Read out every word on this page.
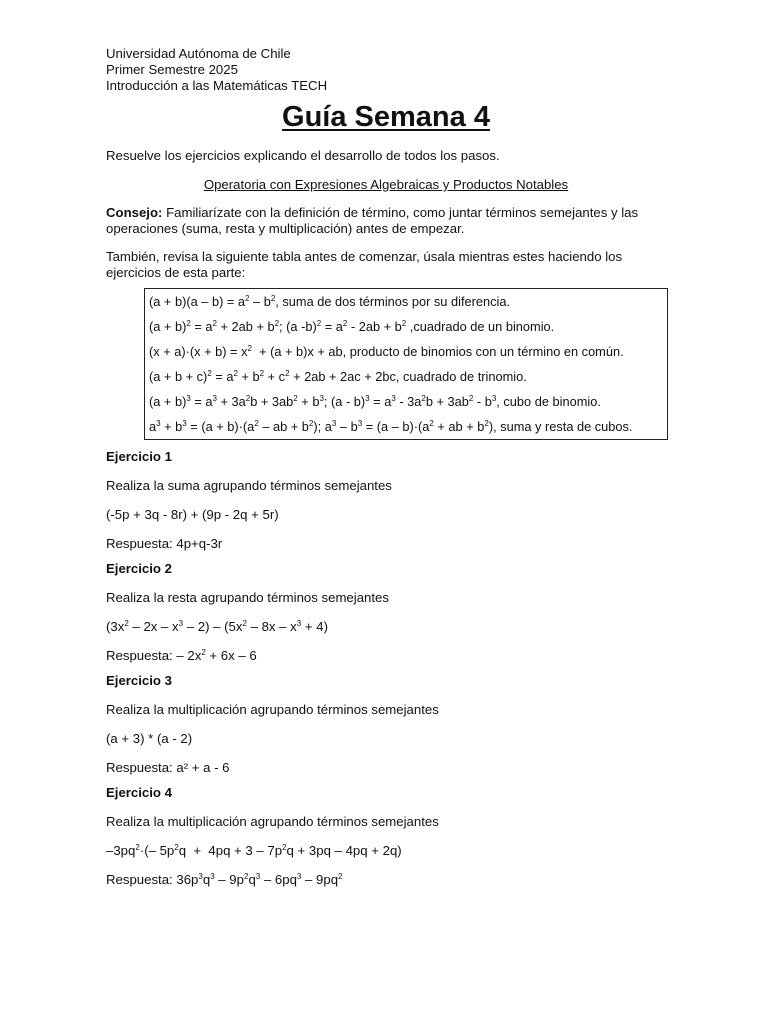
Universidad Autónoma de Chile
Primer Semestre 2025
Introducción a las Matemáticas TECH
Guía Semana 4
Resuelve los ejercicios explicando el desarrollo de todos los pasos.
Operatoria con Expresiones Algebraicas y Productos Notables
Consejo: Familiarízate con la definición de término, como juntar términos semejantes y las operaciones (suma, resta y multiplicación) antes de empezar.
También, revisa la siguiente tabla antes de comenzar, úsala mientras estes haciendo los ejercicios de esta parte:
$(a + b)(a - b) = a^2 - b^2$, suma de dos términos por su diferencia.
$(a + b)^2 = a^2 + 2ab + b^2$; (a $-b)^2 = a^2 - 2ab + b^2$ ,cuadrado de un binomio.
$(x + a)\cdot(x + b) = x^2 + (a + b)x$ + ab, producto de binomios con un término en común.
$(a + b + c)^2 = a^2 + b^2 + c^2 + 2ab + 2ac + 2bc$, cuadrado de trinomio.
$(a + b)^3 = a^3 + 3a^2b + 3ab^2 + b^3$; $(a - b)^3 = a^3 - 3a^2b + 3ab^2 - b^3$, cubo de binomio.
$a^3 + b^3 = (a + b)\cdot(a^2$ – ab + $b^2$); $a^3 - b^3 = (a - b)\cdot(a^2$ + ab + $b^2$), suma y resta de cubos.
Ejercicio 1
Realiza la suma agrupando términos semejantes
(-5p + 3q - 8r) + (9p - 2q + 5r)
Respuesta: 4p+q-3r
Ejercicio 2
Realiza la resta agrupando términos semejantes
$(3x^2 - 2x - x^3 - 2) - (5x^2 - 8x - x^3 + 4)$
Respuesta: – $2x^2 + 6x - 6$
Ejercicio 3
Realiza la multiplicación agrupando términos semejantes
(a + 3) * (a - 2)
Respuesta: a² + a - 6
Ejercicio 4
Realiza la multiplicación agrupando términos semejantes
$-3pq^2\cdot(-$ $5p^2q + 4pq + 3 - 7p^2q + 3pq - 4pq + 2q$)
Respuesta: $36p^3q^3 - 9p^2q^3 - 6pq^3 - 9pq^2$
